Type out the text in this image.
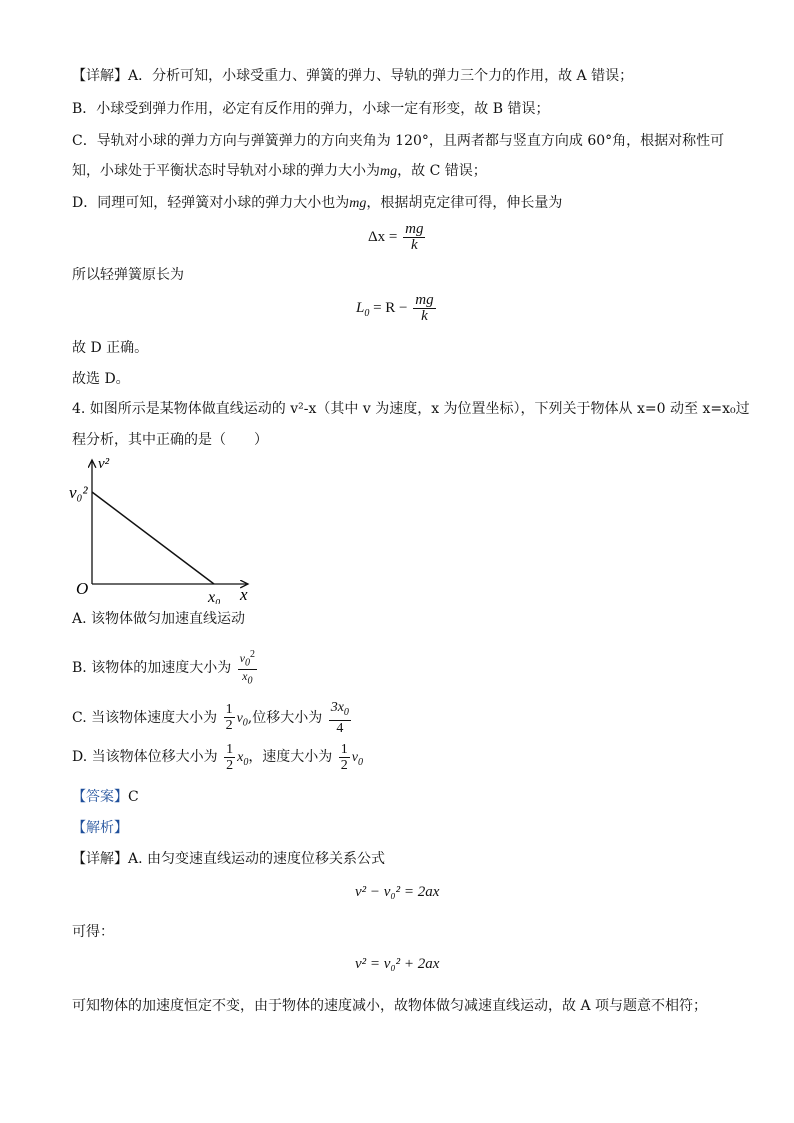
【详解】A．分析可知，小球受重力、弹簧的弹力、导轨的弹力三个力的作用，故 A 错误；
B．小球受到弹力作用，必定有反作用的弹力，小球一定有形变，故 B 错误；
C．导轨对小球的弹力方向与弹簧弹力的方向夹角为 120°，且两者都与竖直方向成 60°角，根据对称性可
知，小球处于平衡状态时导轨对小球的弹力大小为mg，故 C 错误；
D．同理可知，轻弹簧对小球的弹力大小也为mg，根据胡克定律可得，伸长量为
$\Delta x = \frac{mg}{k}$
所以轻弹簧原长为
$L_0 = R - \frac{mg}{k}$
故 D 正确。
故选 D。
4. 如图所示是某物体做直线运动的 v²-x（其中 v 为速度，x 为位置坐标），下列关于物体从 x=0 动至 x=x₀过
程分析，其中正确的是（　　）
v²
v₀²
O	x₀ x
A. 该物体做匀加速直线运动
B. 该物体的加速度大小为 $\frac{v_0^2}{x_0}$
C. 当该物体速度大小为 $\frac{1}{2} v_0$,位移大小为 $\frac{3x_0}{4}$
D. 当该物体位移大小为 $\frac{1}{2} x_0$，速度大小为 $\frac{1}{2} v_0$
【答案】C
【解析】
【详解】A. 由匀变速直线运动的速度位移关系公式
v² − v₀² = 2ax
可得：
v² = v₀² + 2ax
可知物体的加速度恒定不变，由于物体的速度减小，故物体做匀减速直线运动，故 A 项与题意不相符；
